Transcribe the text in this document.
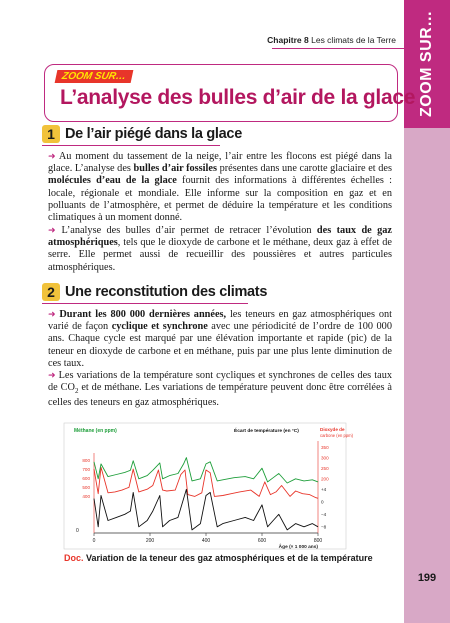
ZOOM SUR…
199
Chapitre 8 Les climats de la Terre
ZOOM SUR…
L’analyse des bulles d’air de la glace
1 De l’air piégé dans la glace
➜ Au moment du tassement de la neige, l’air entre les flocons est piégé dans la glace. L’analyse des bulles d’air fossiles présentes dans une carotte glaciaire et des molécules d’eau de la glace fournit des informations à différentes échelles : locale, régionale et mondiale. Elle informe sur la composition en gaz et en polluants de l’atmosphère, et permet de déduire la température et les conditions climatiques à un moment donné.
➜ L’analyse des bulles d’air permet de retracer l’évolution des taux de gaz atmosphériques, tels que le dioxyde de carbone et le méthane, deux gaz à effet de serre. Elle permet aussi de recueillir des poussières et autres particules atmosphériques.
2 Une reconstitution des climats
➜ Durant les 800 000 dernières années, les teneurs en gaz atmosphériques ont varié de façon cyclique et synchrone avec une périodicité de l’ordre de 100 000 ans. Chaque cycle est marqué par une élévation importante et rapide (pic) de la teneur en dioxyde de carbone et en méthane, puis par une plus lente diminution de ces taux.
➜ Les variations de la température sont cycliques et synchrones de celles des taux de $CO_2$ et de méthane. Les variations de température peuvent donc être corrélées à celles des teneurs en gaz atmosphériques.
0	200	400	600	800
Âge (× 1 000 ans)
0
800
700
600
500
400
Méthane (en ppm)
350
300
250
200
+4
0
−4
−8
Écart de température (en °C)	Dioxyde de
carbone (en ppm)
Doc. Variation de la teneur des gaz atmosphériques et de la température
